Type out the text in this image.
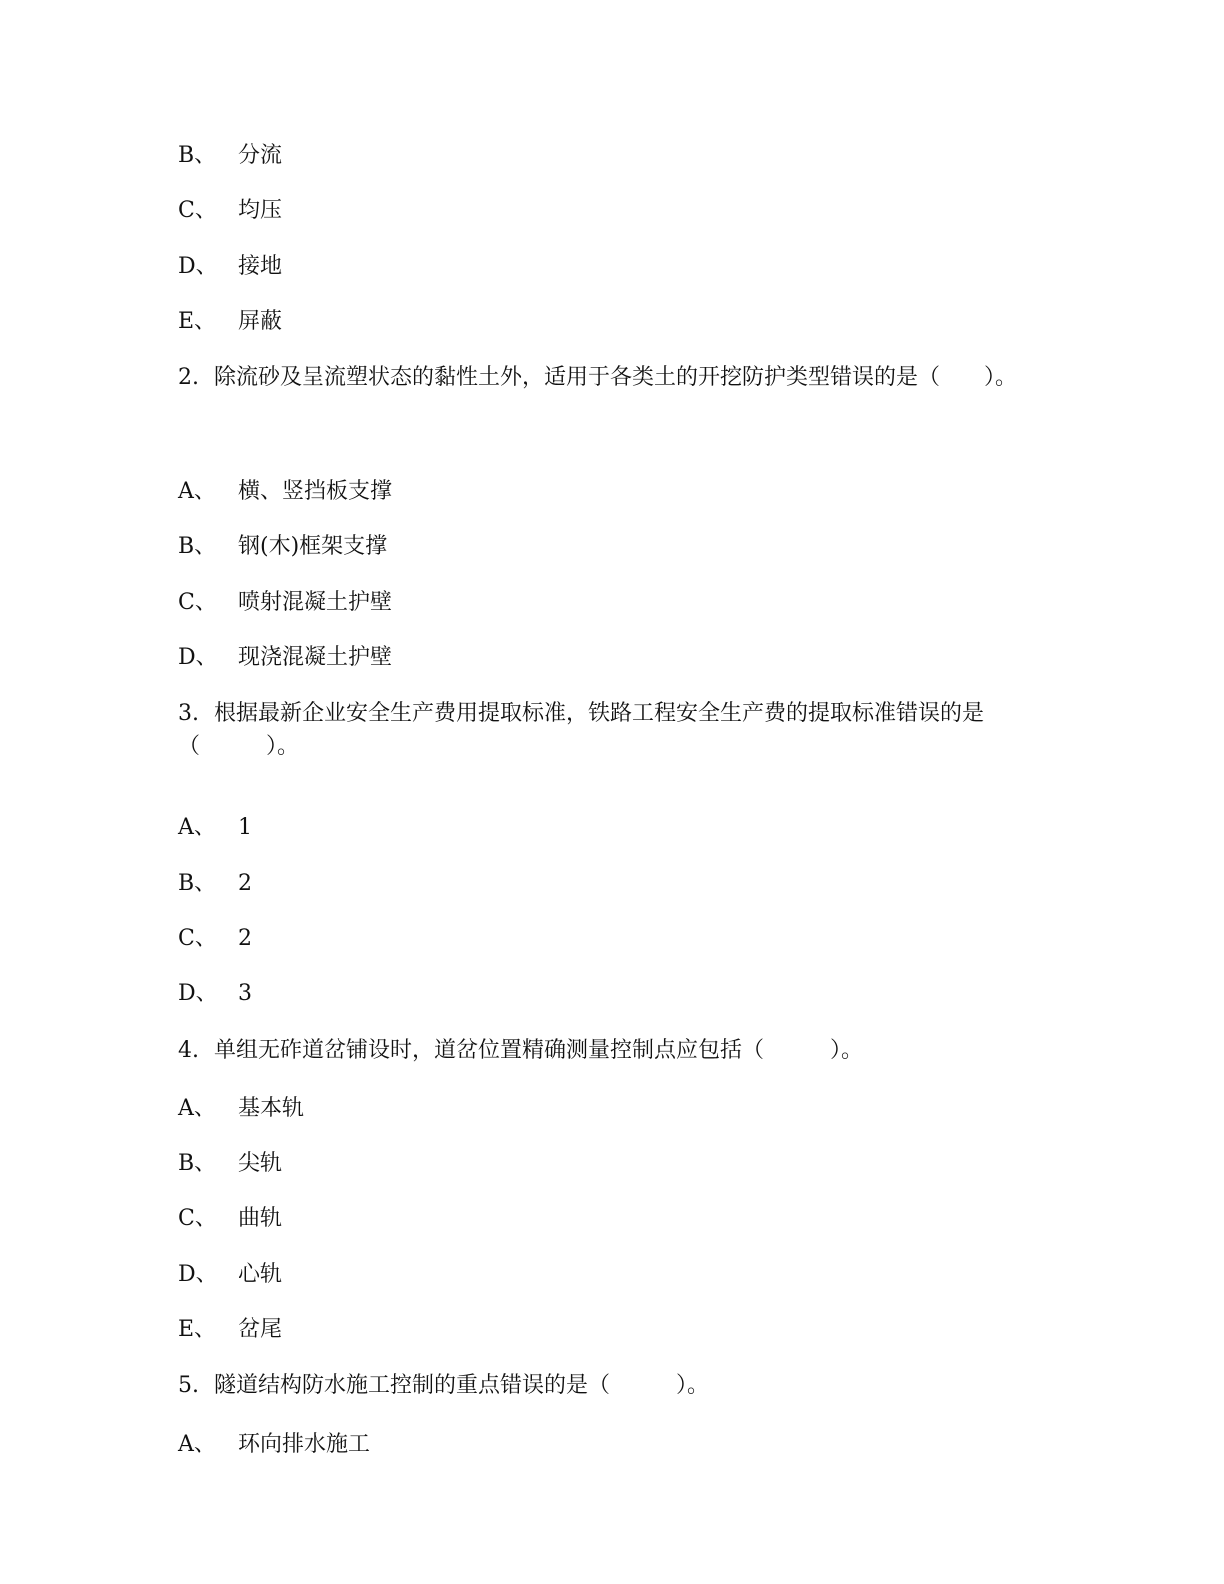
B、 分流
C、 均压
D、 接地
E、 屏蔽
2. 除流砂及呈流塑状态的黏性土外，适用于各类土的开挖防护类型错误的是（　　）。
A、	横、竖挡板支撑
B、 钢(木)框架支撑
C、 喷射混凝土护壁
D、 现浇混凝土护壁
3. 根据最新企业安全生产费用提取标准，铁路工程安全生产费的提取标准错误的是（　　　）。
A、	1
B、 2
C、 2
D、 3
4. 单组无砟道岔铺设时，道岔位置精确测量控制点应包括（　　　）。
A、	基本轨
B、 尖轨
C、 曲轨
D、 心轨
E、 岔尾
5. 隧道结构防水施工控制的重点错误的是（　　　）。
A、	环向排水施工
